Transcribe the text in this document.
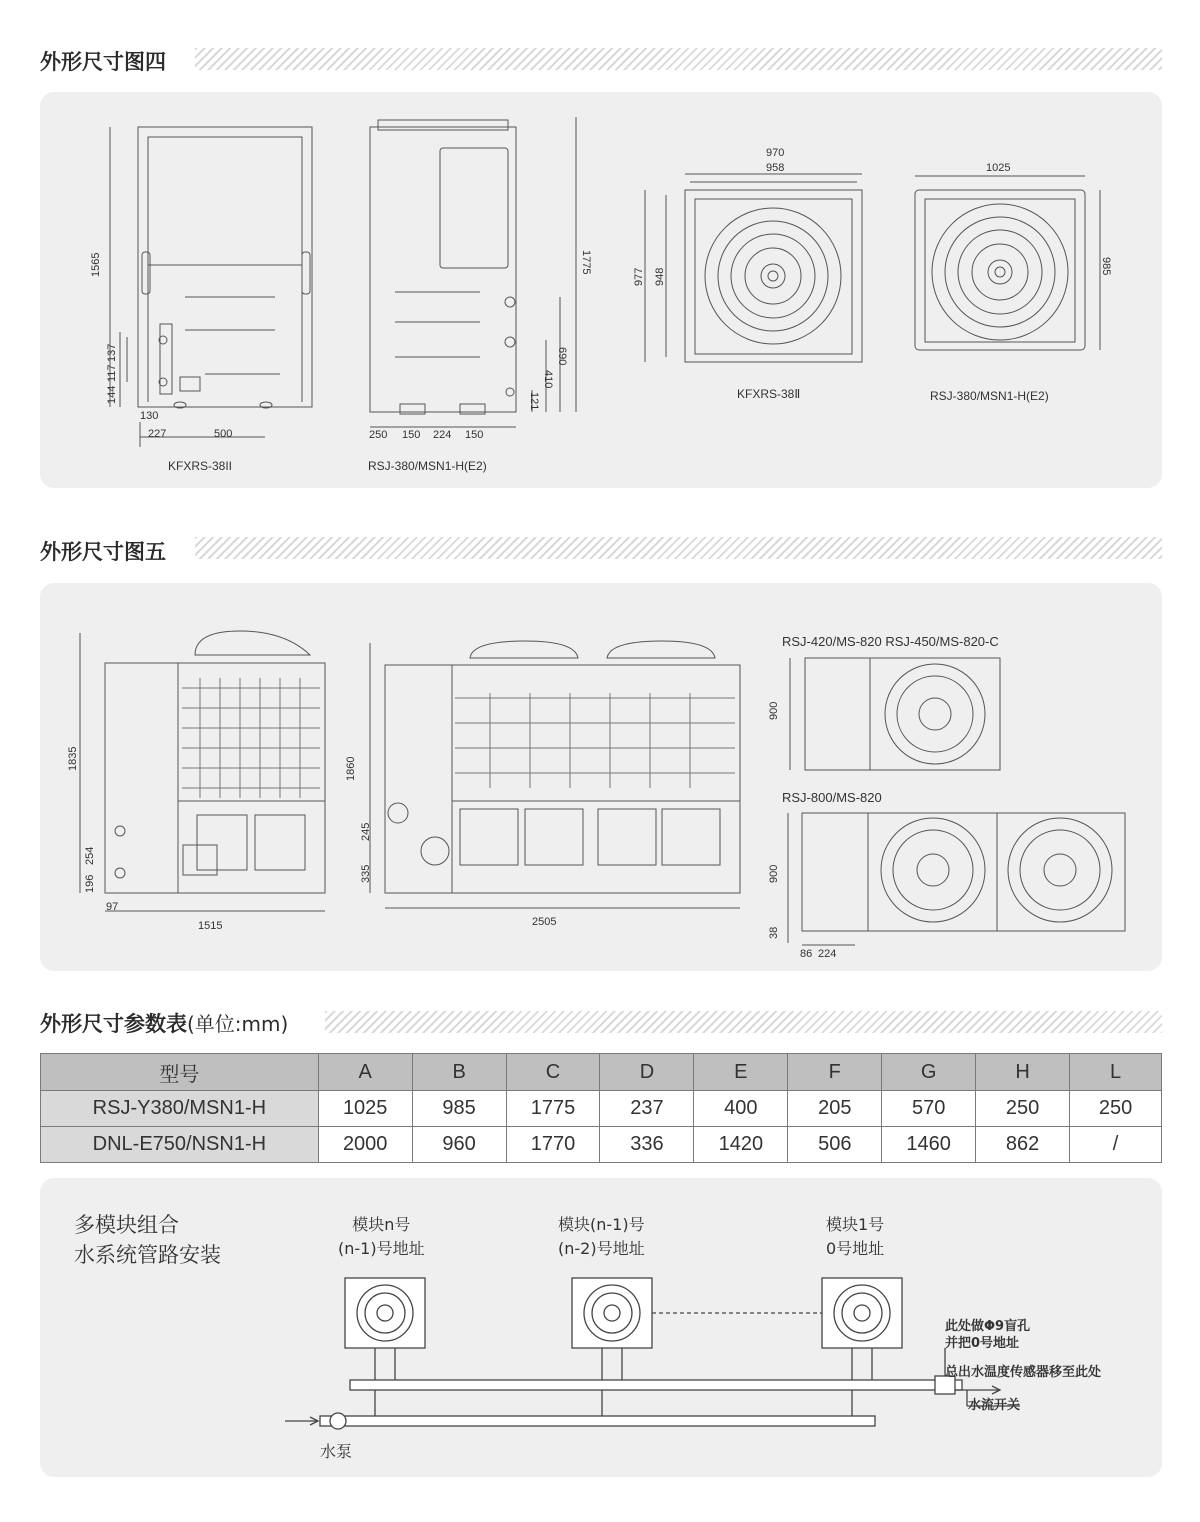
外形尺寸图四
KFXRS-38II	RSJ-380/MSN1-H(E2)
KFXRS-38Ⅱ	RSJ-380/MSN1-H(E2)
1565
137
117
144
130
227	500
1775
690
410
121
250 150 224 150
970
958
977 948
1025
985
外形尺寸图五
RSJ-420/MS-820 RSJ-450/MS-820-C
RSJ-800/MS-820
1835
254
196
97
1515
1860
245
335
2505
900
900
38
86 224
外形尺寸参数表(单位:mm)
型号	A	B	C	D	E	F	G	H	L
RSJ-Y380/MSN1-H	1025	985	1775	237	400	205	570	250	250
DNL-E750/NSN1-H	2000	960	1770	336	1420	506	1460	862	/
多模块组合
水系统管路安装
模块n号
(n-1)号地址
模块(n-1)号
(n-2)号地址
模块1号
0号地址
此处做Φ9盲孔
并把0号地址
总出水温度传感器移至此处
水流开关
水泵
